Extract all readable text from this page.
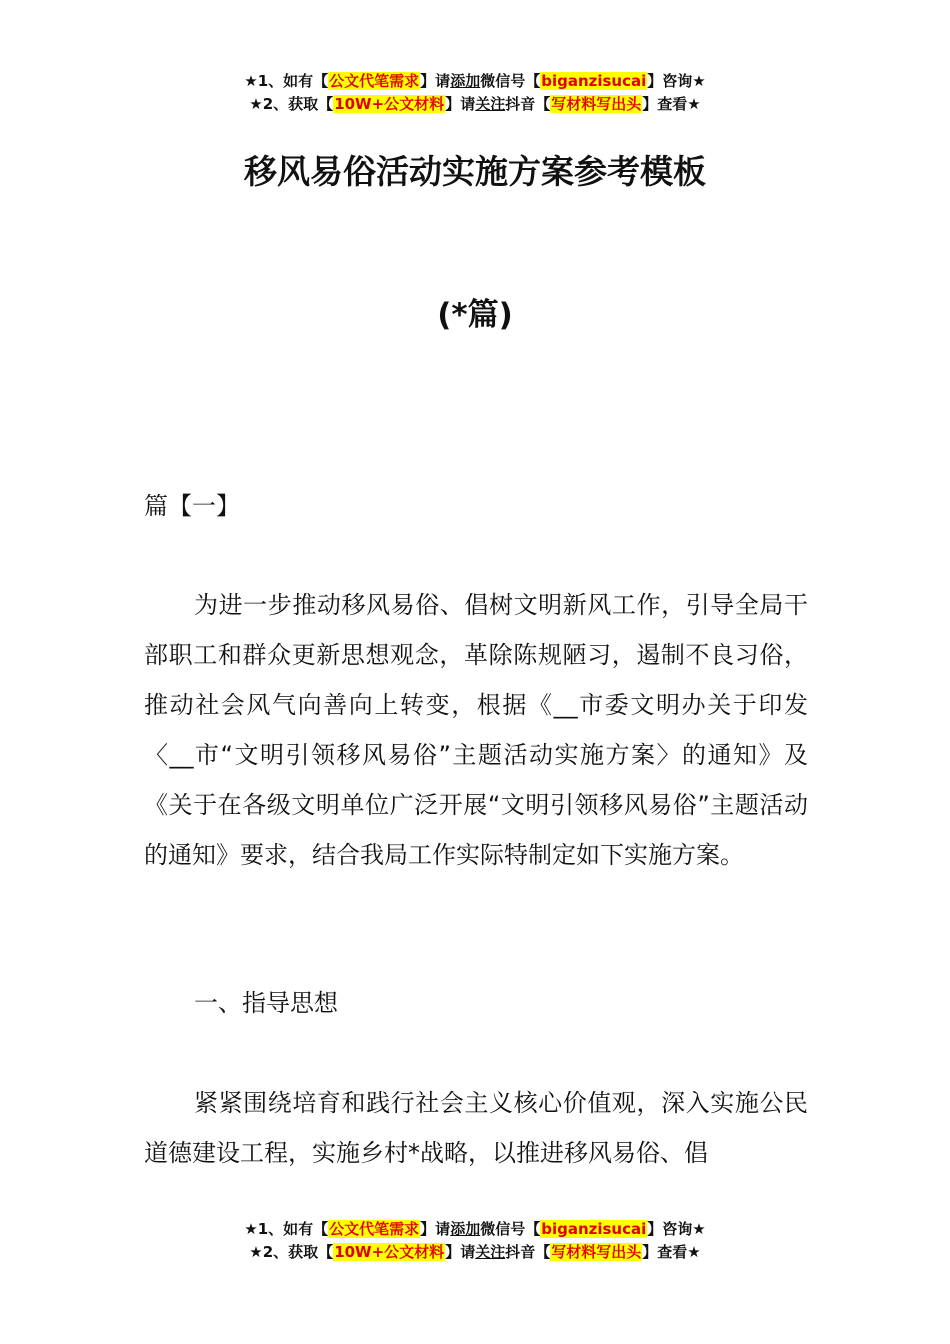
★1、如有【公文代笔需求】请添加微信号【biganzisucai】咨询★
★2、获取【10W+公文材料】请关注抖音【写材料写出头】查看★
移风易俗活动实施方案参考模板
(*篇)
篇【一】
为进一步推动移风易俗、倡树文明新风工作，引导全局干部职工和群众更新思想观念，革除陈规陋习，遏制不良习俗，推动社会风气向善向上转变，根据《__市委文明办关于印发〈__市“文明引领移风易俗”主题活动实施方案〉的通知》及《关于在各级文明单位广泛开展“文明引领移风易俗”主题活动的通知》要求，结合我局工作实际特制定如下实施方案。
一、指导思想
紧紧围绕培育和践行社会主义核心价值观，深入实施公民道德建设工程，实施乡村*战略，以推进移风易俗、倡
★1、如有【公文代笔需求】请添加微信号【biganzisucai】咨询★
★2、获取【10W+公文材料】请关注抖音【写材料写出头】查看★
